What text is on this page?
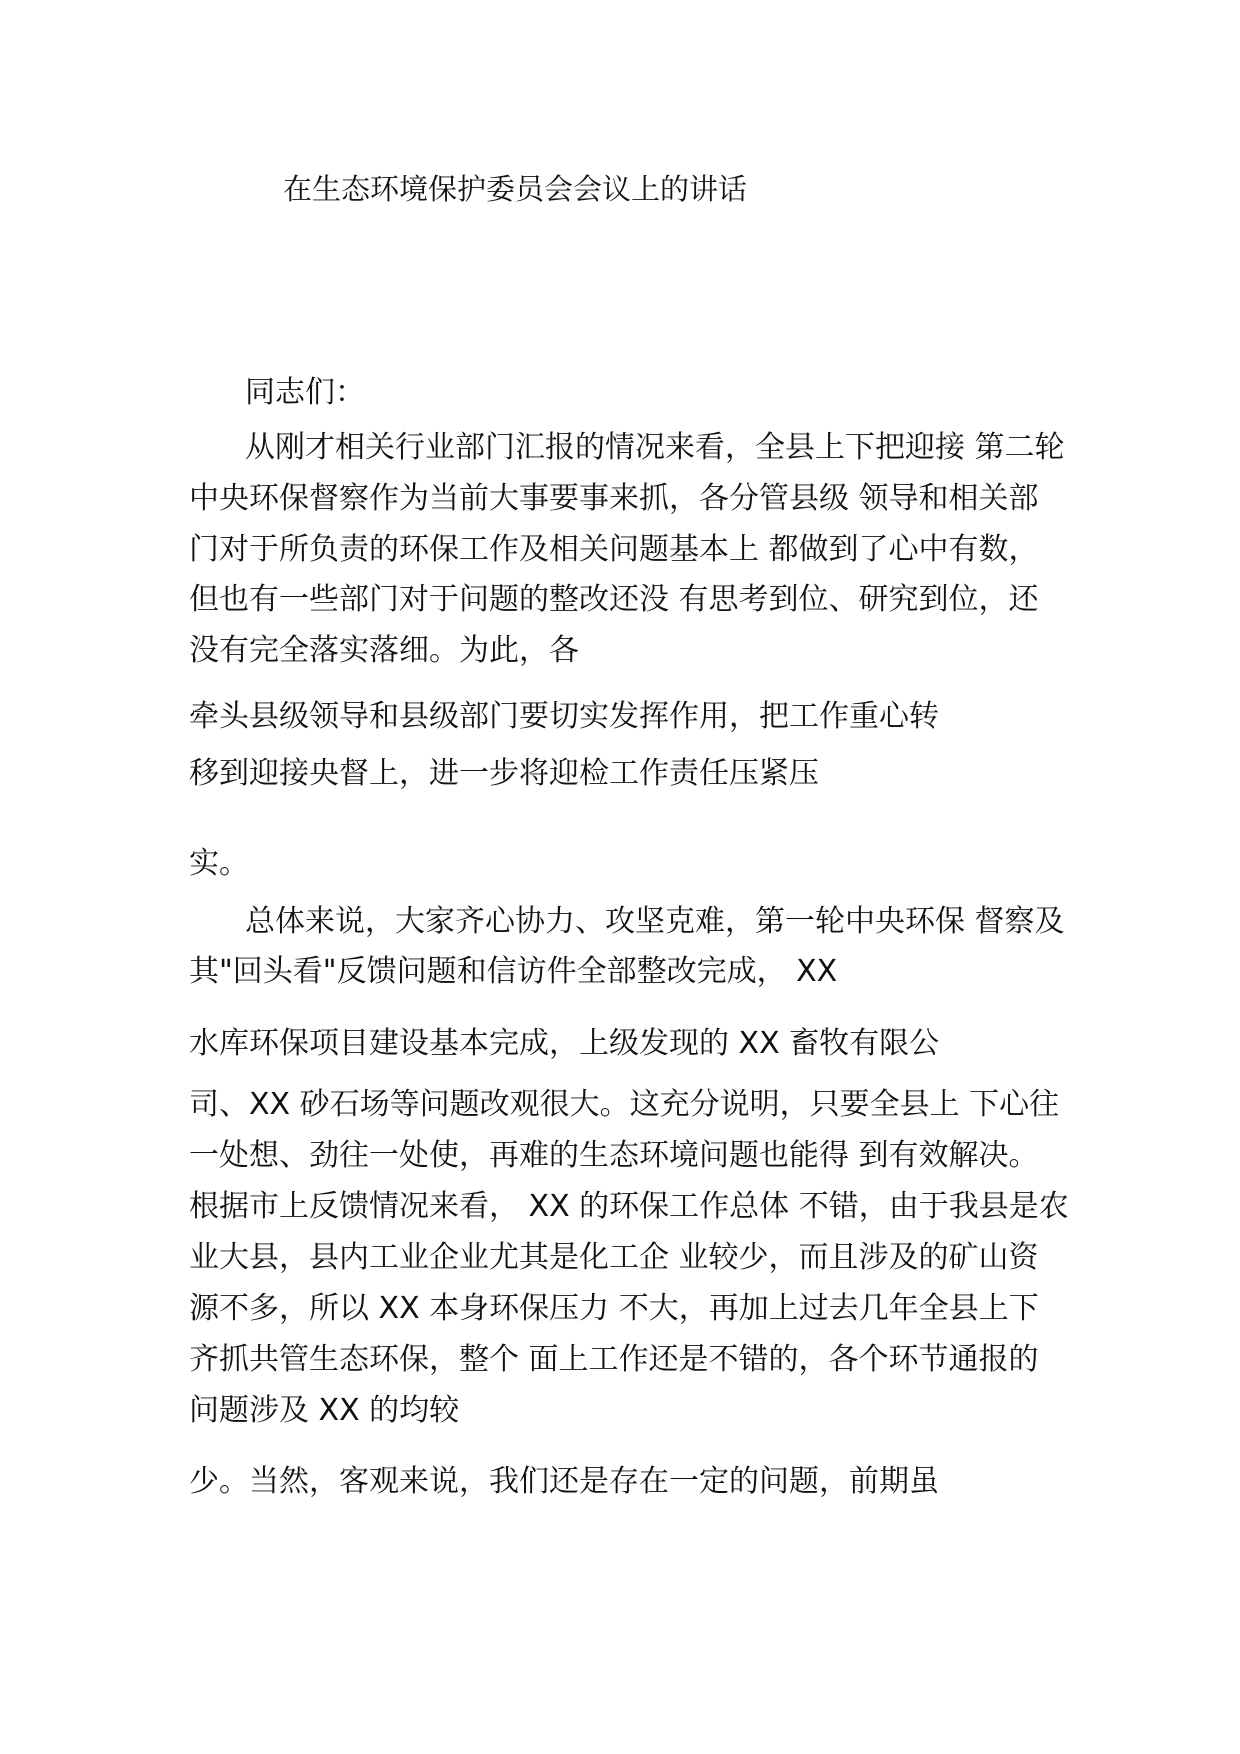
在生态环境保护委员会会议上的讲话
同志们：
从刚才相关行业部门汇报的情况来看，全县上下把迎接 第二轮
中央环保督察作为当前大事要事来抓，各分管县级 领导和相关部
门对于所负责的环保工作及相关问题基本上 都做到了心中有数，
但也有一些部门对于问题的整改还没 有思考到位、研究到位，还
没有完全落实落细。为此，各
牵头县级领导和县级部门要切实发挥作用，把工作重心转
移到迎接央督上，进一步将迎检工作责任压紧压
实。
总体来说，大家齐心协力、攻坚克难，第一轮中央环保 督察及
其"回头看"反馈问题和信访件全部整改完成， XX
水库环保项目建设基本完成，上级发现的 XX 畜牧有限公
司、XX 砂石场等问题改观很大。这充分说明，只要全县上 下心往
一处想、劲往一处使，再难的生态环境问题也能得 到有效解决。
根据市上反馈情况来看， XX 的环保工作总体 不错，由于我县是农
业大县，县内工业企业尤其是化工企 业较少，而且涉及的矿山资
源不多，所以 XX 本身环保压力 不大，再加上过去几年全县上下
齐抓共管生态环保，整个 面上工作还是不错的，各个环节通报的
问题涉及 XX 的均较
少。当然，客观来说，我们还是存在一定的问题，前期虽
